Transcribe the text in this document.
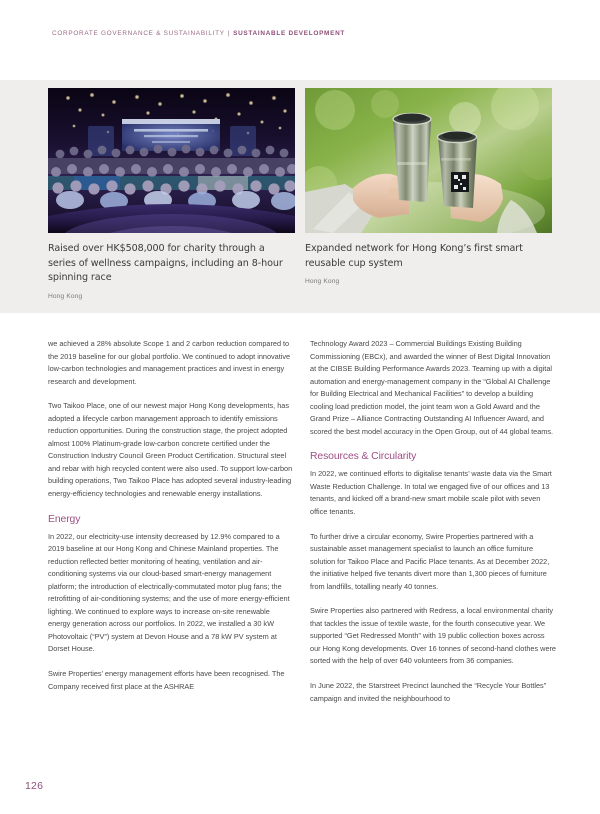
CORPORATE GOVERNANCE & SUSTAINABILITY | SUSTAINABLE DEVELOPMENT
Raised over HK$508,000 for charity through a series of wellness campaigns, including an 8-hour spinning race
Hong Kong
Expanded network for Hong Kong’s first smart reusable cup system
Hong Kong

we achieved a 28% absolute Scope 1 and 2 carbon reduction compared to the 2019 baseline for our global portfolio. We continued to adopt innovative low-carbon technologies and management practices and invest in energy research and development.

Two Taikoo Place, one of our newest major Hong Kong developments, has adopted a lifecycle carbon management approach to identify emissions reduction opportunities. During the construction stage, the project adopted almost 100% Platinum-grade low-carbon concrete certified under the Construction Industry Council Green Product Certification. Structural steel and rebar with high recycled content were also used. To support low-carbon building operations, Two Taikoo Place has adopted several industry-leading energy-efficiency technologies and renewable energy installations.

Energy

In 2022, our electricity-use intensity decreased by 12.9% compared to a 2019 baseline at our Hong Kong and Chinese Mainland properties. The reduction reflected better monitoring of heating, ventilation and air-conditioning systems via our cloud-based smart-energy management platform; the introduction of electrically-commutated motor plug fans; the retrofitting of air-conditioning systems; and the use of more energy-efficient lighting. We continued to explore ways to increase on-site renewable energy generation across our portfolios. In 2022, we installed a 30 kW Photovoltaic (“PV”) system at Devon House and a 78 kW PV system at Dorset House.

Swire Properties’ energy management efforts have been recognised. The Company received first place at the ASHRAE

Technology Award 2023 – Commercial Buildings Existing Building Commissioning (EBCx), and awarded the winner of Best Digital Innovation at the CIBSE Building Performance Awards 2023. Teaming up with a digital automation and energy-management company in the “Global AI Challenge for Building Electrical and Mechanical Facilities” to develop a building cooling load prediction model, the joint team won a Gold Award and the Grand Prize – Alliance Contracting Outstanding AI Influencer Award, and scored the best model accuracy in the Open Group, out of 44 global teams.

Resources & Circularity

In 2022, we continued efforts to digitalise tenants’ waste data via the Smart Waste Reduction Challenge. In total we engaged five of our offices and 13 tenants, and kicked off a brand-new smart mobile scale pilot with seven office tenants.

To further drive a circular economy, Swire Properties partnered with a sustainable asset management specialist to launch an office furniture solution for Taikoo Place and Pacific Place tenants. As at December 2022, the initiative helped five tenants divert more than 1,300 pieces of furniture from landfills, totalling nearly 40 tonnes.

Swire Properties also partnered with Redress, a local environmental charity that tackles the issue of textile waste, for the fourth consecutive year. We supported “Get Redressed Month” with 19 public collection boxes across our Hong Kong developments. Over 16 tonnes of second-hand clothes were sorted with the help of over 640 volunteers from 36 companies.

In June 2022, the Starstreet Precinct launched the “Recycle Your Bottles” campaign and invited the neighbourhood to

126
